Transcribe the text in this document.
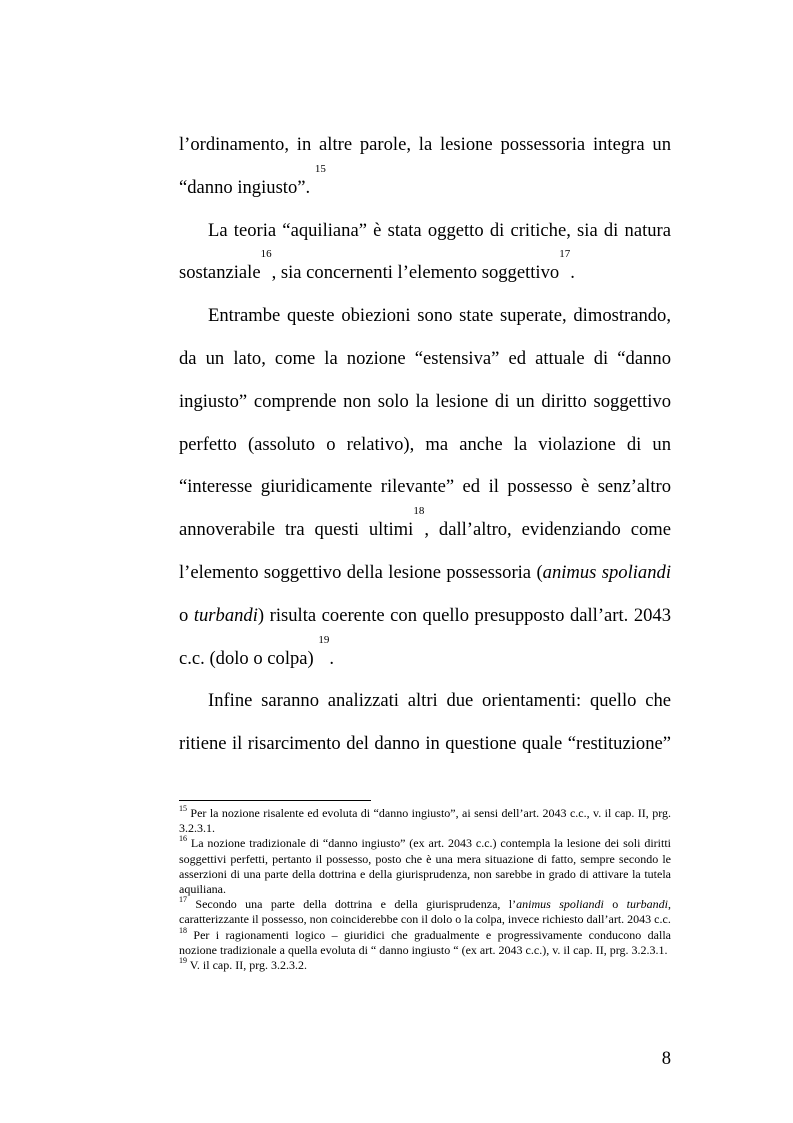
l’ordinamento, in altre parole, la lesione possessoria integra un “danno ingiusto”. $^{15}$

La teoria “aquiliana” è stata oggetto di critiche, sia di natura sostanziale$^{16}$, sia concernenti l’elemento soggettivo$^{17}$.

Entrambe queste obiezioni sono state superate, dimostrando, da un lato, come la nozione “estensiva” ed attuale di “danno ingiusto” comprende non solo la lesione di un diritto soggettivo perfetto (assoluto o relativo), ma anche la violazione di un “interesse giuridicamente rilevante” ed il possesso è senz’altro annoverabile tra questi ultimi$^{18}$, dall’altro, evidenziando come l’elemento soggettivo della lesione possessoria (animus spoliandi o turbandi) risulta coerente con quello presupposto dall’art. 2043 c.c. (dolo o colpa) $^{19}$.

Infine saranno analizzati altri due orientamenti: quello che ritiene il risarcimento del danno in questione quale “restituzione”

$^{15}$ Per la nozione risalente ed evoluta di “danno ingiusto”, ai sensi dell’art. 2043 c.c., v. il cap. II, prg. 3.2.3.1.

$^{16}$ La nozione tradizionale di “danno ingiusto” (ex art. 2043 c.c.) contempla la lesione dei soli diritti soggettivi perfetti, pertanto il possesso, posto che è una mera situazione di fatto, sempre secondo le asserzioni di una parte della dottrina e della giurisprudenza, non sarebbe in grado di attivare la tutela aquiliana.

$^{17}$ Secondo una parte della dottrina e della giurisprudenza, l’animus spoliandi o turbandi, caratterizzante il possesso, non coinciderebbe con il dolo o la colpa, invece richiesto dall’art. 2043 c.c.

$^{18}$ Per i ragionamenti logico – giuridici che gradualmente e progressivamente conducono dalla nozione tradizionale a quella evoluta di “ danno ingiusto “ (ex art. 2043 c.c.), v. il cap. II, prg. 3.2.3.1.

$^{19}$ V. il cap. II, prg. 3.2.3.2.

8
